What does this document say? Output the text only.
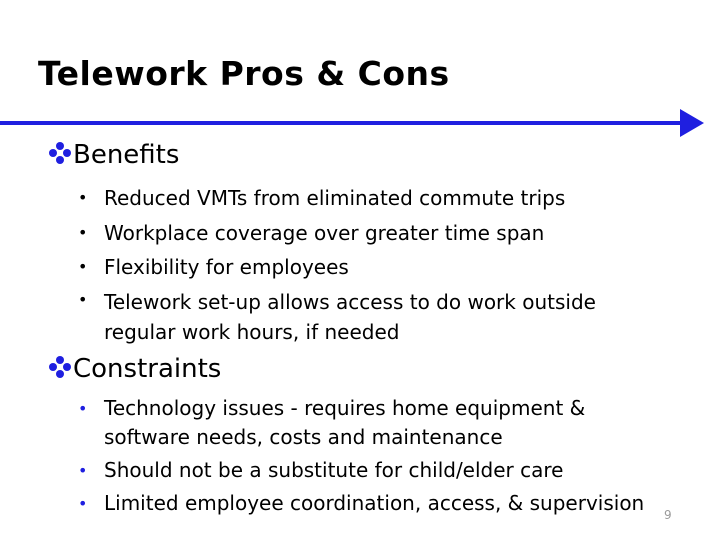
Telework Pros & Cons
Benefits
• Reduced VMTs from eliminated commute trips
• Workplace coverage over greater time span
• Flexibility for employees
• Telework set-up allows access to do work outside
regular work hours, if needed
Constraints
• Technology issues - requires home equipment &
software needs, costs and maintenance
• Should not be a substitute for child/elder care
• Limited employee coordination, access, & supervision 9
